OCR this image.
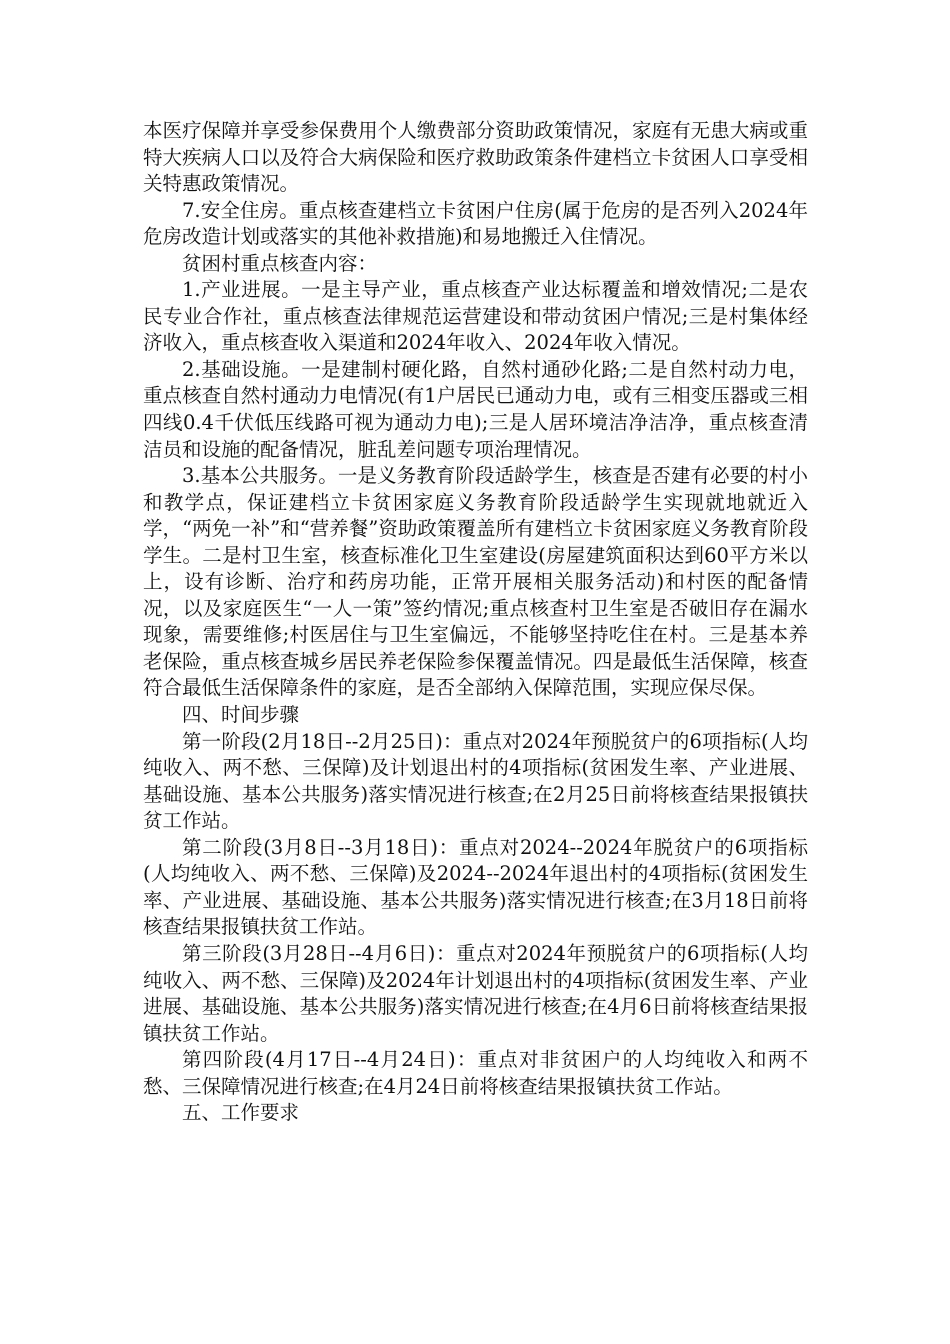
本医疗保障并享受参保费用个人缴费部分资助政策情况，家庭有无患大病或重特大疾病人口以及符合大病保险和医疗救助政策条件建档立卡贫困人口享受相关特惠政策情况。

7.安全住房。重点核查建档立卡贫困户住房(属于危房的是否列入2024年危房改造计划或落实的其他补救措施)和易地搬迁入住情况。

贫困村重点核查内容：

1.产业进展。一是主导产业，重点核查产业达标覆盖和增效情况;二是农民专业合作社，重点核查法律规范运营建设和带动贫困户情况;三是村集体经济收入，重点核查收入渠道和2024年收入、2024年收入情况。

2.基础设施。一是建制村硬化路，自然村通砂化路;二是自然村动力电，重点核查自然村通动力电情况(有1户居民已通动力电，或有三相变压器或三相四线0.4千伏低压线路可视为通动力电);三是人居环境洁净洁净，重点核查清洁员和设施的配备情况，脏乱差问题专项治理情况。

3.基本公共服务。一是义务教育阶段适龄学生，核查是否建有必要的村小和教学点，保证建档立卡贫困家庭义务教育阶段适龄学生实现就地就近入学，“两免一补”和“营养餐”资助政策覆盖所有建档立卡贫困家庭义务教育阶段学生。二是村卫生室，核查标准化卫生室建设(房屋建筑面积达到60平方米以上，设有诊断、治疗和药房功能，正常开展相关服务活动)和村医的配备情况，以及家庭医生“一人一策”签约情况;重点核查村卫生室是否破旧存在漏水现象，需要维修;村医居住与卫生室偏远，不能够坚持吃住在村。三是基本养老保险，重点核查城乡居民养老保险参保覆盖情况。四是最低生活保障，核查符合最低生活保障条件的家庭，是否全部纳入保障范围，实现应保尽保。

四、时间步骤

第一阶段(2月18日--2月25日)：重点对2024年预脱贫户的6项指标(人均纯收入、两不愁、三保障)及计划退出村的4项指标(贫困发生率、产业进展、基础设施、基本公共服务)落实情况进行核查;在2月25日前将核查结果报镇扶贫工作站。

第二阶段(3月8日--3月18日)：重点对2024--2024年脱贫户的6项指标(人均纯收入、两不愁、三保障)及2024--2024年退出村的4项指标(贫困发生率、产业进展、基础设施、基本公共服务)落实情况进行核查;在3月18日前将核查结果报镇扶贫工作站。

第三阶段(3月28日--4月6日)：重点对2024年预脱贫户的6项指标(人均纯收入、两不愁、三保障)及2024年计划退出村的4项指标(贫困发生率、产业进展、基础设施、基本公共服务)落实情况进行核查;在4月6日前将核查结果报镇扶贫工作站。

第四阶段(4月17日--4月24日)：重点对非贫困户的人均纯收入和两不愁、三保障情况进行核查;在4月24日前将核查结果报镇扶贫工作站。

五、工作要求
